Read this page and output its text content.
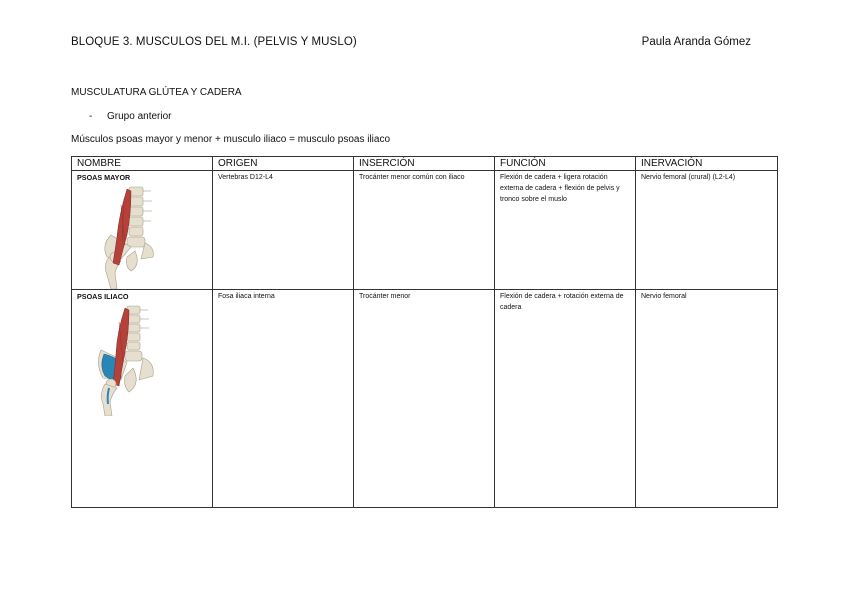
BLOQUE 3. MUSCULOS DEL M.I. (PELVIS Y MUSLO)	Paula Aranda Gómez
MUSCULATURA GLÚTEA Y CADERA
- Grupo anterior
Músculos psoas mayor y menor + musculo iliaco = musculo psoas iliaco
NOMBRE	ORIGEN	INSERCIÓN	FUNCIÓN	INERVACIÓN

PSOAS MAYOR	Vertebras D12-L4	Trocánter menor común con iliaco	Flexión de cadera + ligera rotación externa de cadera + flexión de pelvis y tronco sobre el muslo	Nervio femoral (crural) (L2-L4)

PSOAS ILIACO	Fosa iliaca interna	Trocánter menor	Flexión de cadera + rotación externa de cadera	Nervio femoral
